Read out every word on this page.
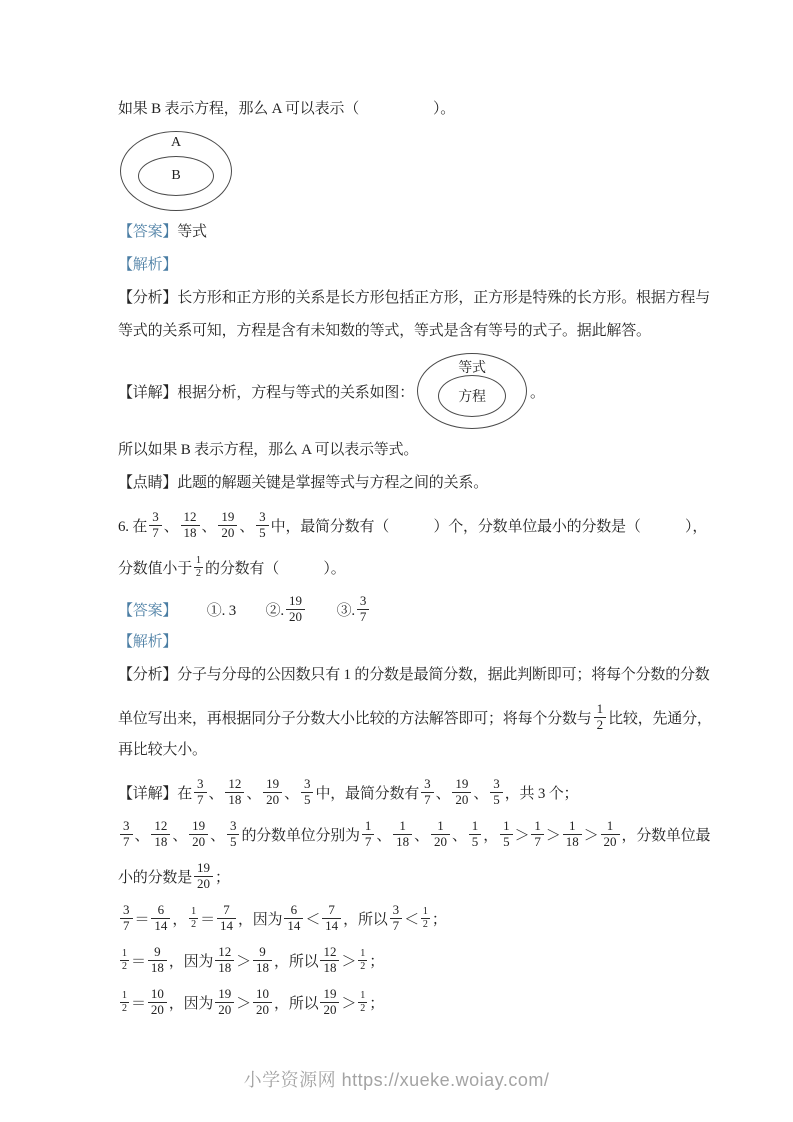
如果 B 表示方程，那么 A 可以表示（　　　　　）。
$\frac{A}{B}$
【答案】等式
【解析】
【分析】长方形和正方形的关系是长方形包括正方形，正方形是特殊的长方形。根据方程与
等式的关系可知，方程是含有未知数的等式，等式是含有等号的式子。据此解答。
【详解】根据分析，方程与等式的关系如图：
等式
方程	。
所以如果 B 表示方程，那么 A 可以表示等式。
【点睛】此题的解题关键是掌握等式与方程之间的关系。
6. 在 $\frac{3}{7}$ 、 $\frac{12}{18}$ 、 $\frac{19}{20}$ 、 $\frac{3}{5}$ 中，最简分数有（　　　）个，分数单位最小的分数是（　　　），
分数值小于 $\frac{1}{2}$ 的分数有（　　　）。
【答案】 　　①. 3　　②. $\frac{19}{20}$ 　　③. $\frac{3}{7}$
【解析】
【分析】分子与分母的公因数只有 1 的分数是最简分数，据此判断即可；将每个分数的分数
单位写出来，再根据同分子分数大小比较的方法解答即可；将每个分数与 $\frac{1}{2}$ 比较，先通分，
再比较大小。
【详解】在 $\frac{3}{7}$ 、 $\frac{12}{18}$ 、 $\frac{19}{20}$ 、 $\frac{3}{5}$ 中，最简分数有 $\frac{3}{7}$ 、 $\frac{19}{20}$ 、 $\frac{3}{5}$ ，共 3 个；
$\frac{3}{7}$ 、 $\frac{12}{18}$ 、 $\frac{19}{20}$ 、 $\frac{3}{5}$ 的分数单位分别为 $\frac{1}{7}$ 、 $\frac{1}{18}$ 、 $\frac{1}{20}$ 、 $\frac{1}{5}$ ， $\frac{1}{5} > \frac{1}{7} > \frac{1}{18} > \frac{1}{20}$ ，分数单位最
小的分数是 $\frac{19}{20}$ ；
$\frac{3}{7} = \frac{6}{14}$ ， $\frac{1}{2} = \frac{7}{14}$ ，因为 $\frac{6}{14} < \frac{7}{14}$ ，所以 $\frac{3}{7} < \frac{1}{2}$ ；
$\frac{1}{2} = \frac{9}{18}$ ，因为 $\frac{12}{18} > \frac{9}{18}$ ，所以 $\frac{12}{18} > \frac{1}{2}$ ；
$\frac{1}{2} = \frac{10}{20}$ ，因为 $\frac{19}{20} > \frac{10}{20}$ ，所以 $\frac{19}{20} > \frac{1}{2}$ ；
小学资源网 https://xueke.woiay.com/
